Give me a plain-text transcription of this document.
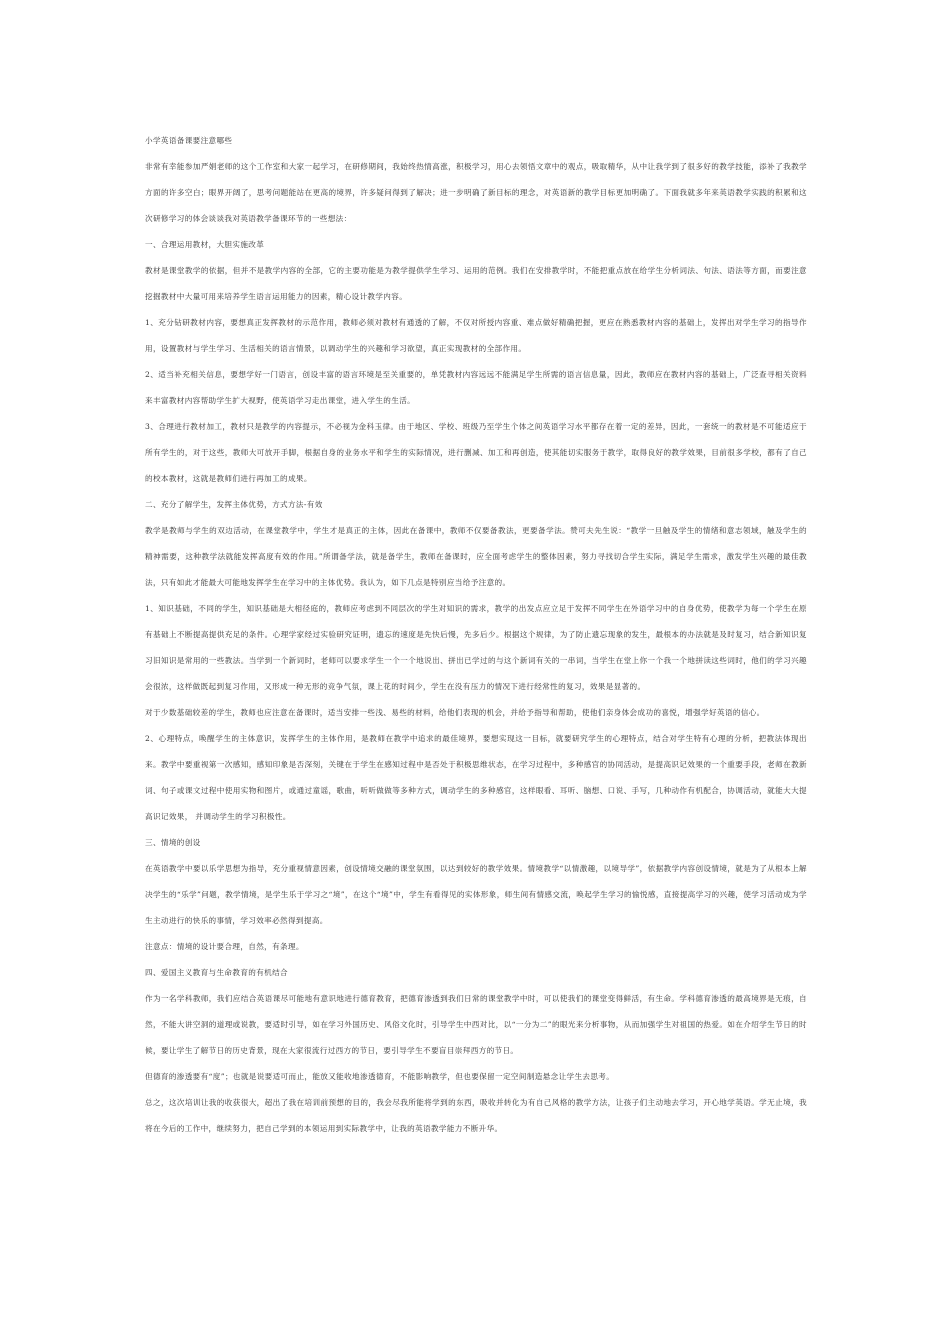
小学英语备课要注意哪些

非常有幸能参加严娟老师的这个工作室和大家一起学习，在研修期间，我始终热情高涨，积极学习，用心去领悟文章中的观点，吸取精华，从中让我学到了很多好的教学技能，添补了我教学方面的许多空白；眼界开阔了，思考问题能站在更高的境界，许多疑问得到了解决；进一步明确了新目标的理念，对英语新的教学目标更加明确了。下面我就多年来英语教学实践的积累和这次研修学习的体会谈谈我对英语教学备课环节的一些想法：

一、合理运用教材，大胆实施改革

教材是课堂教学的依据，但并不是教学内容的全部，它的主要功能是为教学提供学生学习、运用的范例。我们在安排教学时，不能把重点放在给学生分析词法、句法、语法等方面，而要注意挖掘教材中大量可用来培养学生语言运用能力的因素，精心设计教学内容。

1、充分钻研教材内容，要想真正发挥教材的示范作用，教师必须对教材有通透的了解，不仅对所授内容重、难点做好精确把握，更应在熟悉教材内容的基础上，发挥出对学生学习的指导作用，设置教材与学生学习、生活相关的语言情景，以调动学生的兴趣和学习欲望，真正实现教材的全部作用。

2、适当补充相关信息，要想学好一门语言，创设丰富的语言环境是至关重要的，单凭教材内容远远不能满足学生所需的语言信息量，因此，教师应在教材内容的基础上，广泛查寻相关资料来丰富教材内容帮助学生扩大视野，使英语学习走出课堂，进入学生的生活。

3、合理进行教材加工，教材只是教学的内容提示，不必视为金科玉律。由于地区、学校、班级乃至学生个体之间英语学习水平都存在着一定的差异，因此，一套统一的教材是不可能适应于所有学生的，对于这些，教师大可放开手脚，根据自身的业务水平和学生的实际情况，进行删减、加工和再创造，使其能切实服务于教学，取得良好的教学效果，目前很多学校，都有了自己的校本教材，这就是教师们进行再加工的成果。

二、充分了解学生，发挥主体优势，方式方法-有效

教学是教师与学生的双边活动，在课堂教学中，学生才是真正的主体，因此在备课中，教师不仅要备教法，更要备学法。赞可夫先生说：“教学一旦触及学生的情绪和意志领域，触及学生的精神需要，这种教学法就能发挥高度有效的作用。”所谓备学法，就是备学生，教师在备课时，应全面考虑学生的整体因素，努力寻找切合学生实际，满足学生需求，激发学生兴趣的最佳教法，只有如此才能最大可能地发挥学生在学习中的主体优势。我认为，如下几点是特别应当给予注意的。

1、知识基础，不同的学生，知识基础是大相径庭的，教师应考虑到不同层次的学生对知识的需求，教学的出发点应立足于发挥不同学生在外语学习中的自身优势，使教学为每一个学生在原有基础上不断提高提供充足的条件。心理学家经过实验研究证明，遗忘的速度是先快后慢，先多后少。根据这个规律，为了防止遗忘现象的发生，最根本的办法就是及时复习，结合新知识复习旧知识是常用的一些教法。当学到一个新词时，老师可以要求学生一个一个地说出、拼出已学过的与这个新词有关的一串词，当学生在堂上你一个我一个地拼读这些词时，他们的学习兴趣会很浓，这样做既起到复习作用，又形成一种无形的竞争气氛，课上花的时间少，学生在没有压力的情况下进行经常性的复习，效果是显著的。

对于少数基础较差的学生，教师也应注意在备课时，适当安排一些浅、易些的材料，给他们表现的机会，并给予指导和帮助，使他们亲身体会成功的喜悦，增强学好英语的信心。

2、心理特点，唤醒学生的主体意识，发挥学生的主体作用，是教师在教学中追求的最佳境界，要想实现这一目标，就要研究学生的心理特点，结合对学生特有心理的分析，把教法体现出来。教学中要重视第一次感知，感知印象是否深刻，关键在于学生在感知过程中是否处于积极思维状态，在学习过程中，多种感官的协同活动，是提高识记效果的一个重要手段，老师在教新词、句子或课文过程中使用实物和图片，或通过童谣，歌曲，听听做做等多种方式，调动学生的多种感官，这样眼看、耳听、脑想、口说、手写，几种动作有机配合，协调活动，就能大大提高识记效果， 并调动学生的学习积极性。

三、情境的创设

在英语教学中要以乐学思想为指导，充分重视情意因素，创设情境交融的课堂氛围，以达到较好的教学效果。情境教学“以情激趣，以境导学”，依据教学内容创设情境，就是为了从根本上解决学生的“乐学”问题，教学情境，是学生乐于学习之“境”，在这个“境”中，学生有看得见的实体形象，师生间有情感交流，唤起学生学习的愉悦感，直接提高学习的兴趣，使学习活动成为学生主动进行的快乐的事情，学习效率必然得到提高。

注意点：情境的设计要合理，自然，有条理。

四、爱国主义教育与生命教育的有机结合

作为一名学科教师，我们应结合英语课尽可能地有意识地进行德育教育，把德育渗透到我们日常的课堂教学中时，可以使我们的课堂变得鲜活，有生命。学科德育渗透的最高境界是无痕，自然，不能大讲空洞的道理或说教，要适时引导，如在学习外国历史、风俗文化时，引导学生中西对比，以“一分为二”的眼光来分析事物，从而加强学生对祖国的热爱。如在介绍学生节日的时候，要让学生了解节日的历史背景，现在大家很流行过西方的节日，要引导学生不要盲目崇拜西方的节日。

但德育的渗透要有“度”；也就是说要适可而止，能放又能收地渗透德育，不能影响教学，但也要保留一定空间制造悬念让学生去思考。

总之，这次培训让我的收获很大，超出了我在培训前预想的目的，我会尽我所能将学到的东西，吸收并转化为有自己风格的教学方法，让孩子们主动地去学习，开心地学英语。学无止境，我将在今后的工作中，继续努力，把自己学到的本领运用到实际教学中，让我的英语教学能力不断升华。
